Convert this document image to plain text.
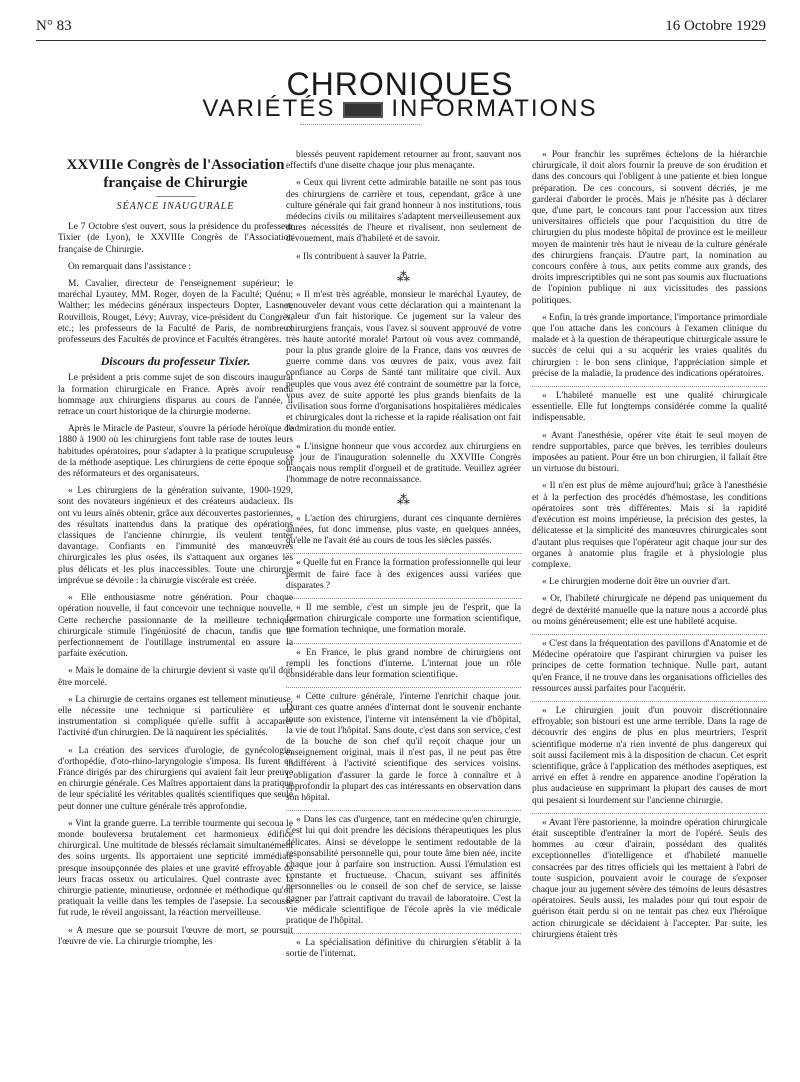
N° 83	16 Octobre 1929
CHRONIQUES
VARIÉTÉS INFORMATIONS
XXVIIIe Congrès de l'Association française de Chirurgie
SÉANCE INAUGURALE

Le 7 Octobre s'est ouvert, sous la présidence du professeur Tixier (de Lyon), le XXVIIIe Congrès de l'Association française de Chirurgie.

On remarquait dans l'assistance :

M. Cavalier, directeur de l'enseignement supérieur; le maréchal Lyautey, MM. Roger, doyen de la Faculté; Quénu; Walther; les médecins généraux inspecteurs Dopter, Lasnet, Rouvillois, Rouget, Lévy; Auvray, vice-président du Congrès, etc.; les professeurs de la Faculté de Paris, de nombreux professeurs des Facultés de province et Facultés étrangères.

Discours du professeur Tixier.

Le président a pris comme sujet de son discours inaugural la formation chirurgicale en France. Après avoir rendu hommage aux chirurgiens disparus au cours de l'année, il retrace un court historique de la chirurgie moderne.

Après le Miracle de Pasteur, s'ouvre la période héroïque de 1880 à 1900 où les chirurgiens font table rase de toutes leurs habitudes opératoires, pour s'adapter à la pratique scrupuleuse de la méthode aseptique. Les chirurgiens de cette époque sont des réformateurs et des organisateurs.

« Les chirurgiens de la génération suivante, 1900-1929, sont des novateurs ingénieux et des créateurs audacieux. Ils ont vu leurs aînés obtenir, grâce aux découvertes pastoriennes, des résultats inattendus dans la pratique des opérations classiques de l'ancienne chirurgie, ils veulent tenter davantage. Confiants en l'immunité des manœuvres chirurgicales les plus osées, ils s'attaquent aux organes les plus délicats et les plus inaccessibles. Toute une chirurgie imprévue se dévoile : la chirurgie viscérale est créée.

« Elle enthousiasme notre génération. Pour chaque opération nouvelle, il faut concevoir une technique nouvelle. Cette recherche passionnante de la meilleure technique chirurgicale stimule l'ingéniosité de chacun, tandis que le perfectionnement de l'outillage instrumental en assure la parfaite exécution.

« Mais le domaine de la chirurgie devient si vaste qu'il doit être morcelé.

« La chirurgie de certains organes est tellement minutieuse, elle nécessite une technique si particulière et une instrumentation si compliquée qu'elle suffit à accaparer l'activité d'un chirurgien. De là naquirent les spécialités.

« La création des services d'urologie, de gynécologie, d'orthopédie, d'oto-rhino-laryngologie s'imposa. Ils furent en France dirigés par des chirurgiens qui avaient fait leur preuve en chirurgie générale. Ces Maîtres apportaient dans la pratique de leur spécialité les véritables qualités scientifiques que seule peut donner une culture générale très approfondie.

« Vint la grande guerre. La terrible tourmente qui secoua le monde bouleversa brutalement cet harmonieux édifice chirurgical. Une multitude de blessés réclamait simultanément des soins urgents. Ils apportaient une septicité immédiate presque insoupçonnée des plaies et une gravité effroyable de leurs fracas osseux ou articulaires. Quel contraste avec la chirurgie patiente, minutieuse, ordonnée et méthodique qu'on pratiquait la veille dans les temples de l'asepsie. La secousse fut rude, le réveil angoissant, la réaction merveilleuse.

« A mesure que se poursuit l'œuvre de mort, se poursuit l'œuvre de vie. La chirurgie triomphe, les

blessés peuvent rapidement retourner au front, sauvant nos effectifs d'une disette chaque jour plus menaçante.

« Ceux qui livrent cette admirable bataille ne sont pas tous des chirurgiens de carrière et tous, cependant, grâce à une culture générale qui fait grand honneur à nos institutions, tous médecins civils ou militaires s'adaptent merveilleusement aux dures nécessités de l'heure et rivalisent, non seulement de dévouement, mais d'habileté et de savoir.

« Ils contribuent à sauver la Patrie.

⁂

« Il m'est très agréable, monsieur le maréchal Lyautey, de renouveler devant vous cette déclaration qui a maintenant la valeur d'un fait historique. Ce jugement sur la valeur des chirurgiens français, vous l'avez si souvent approuvé de votre très haute autorité morale! Partout où vous avez commandé, pour la plus grande gloire de la France, dans vos œuvres de guerre comme dans vos œuvres de paix, vous avez fait confiance au Corps de Santé tant militaire que civil. Aux peuples que vous avez été contraint de soumettre par la force, vous avez de suite apporté les plus grands bienfaits de la civilisation sous forme d'organisations hospitalières médicales et chirurgicales dont la richesse et la rapide réalisation ont fait l'admiration du monde entier.

« L'insigne honneur que vous accordez aux chirurgiens en ce jour de l'inauguration solennelle du XXVIIIe Congrès français nous remplit d'orgueil et de gratitude. Veuillez agréer l'hommage de notre reconnaissance.

⁂

« L'action des chirurgiens, durant ces cinquante dernières années, fut donc immense, plus vaste, en quelques années, qu'elle ne l'avait été au cours de tous les siècles passés.

« Quelle fut en France la formation professionnelle qui leur permit de faire face à des exigences aussi variées que disparates ?

« Il me semble, c'est un simple jeu de l'esprit, que la formation chirurgicale comporte une formation scientifique, une formation technique, une formation morale.

« En France, le plus grand nombre de chirurgiens ont rempli les fonctions d'interne. L'internat joue un rôle considérable dans leur formation scientifique.

« Cette culture générale, l'interne l'enrichit chaque jour. Durant ces quatre années d'internat dont le souvenir enchante toute son existence, l'interne vit intensément la vie d'hôpital, la vie de tout l'hôpital. Sans doute, c'est dans son service, c'est de la bouche de son chef qu'il reçoit chaque jour un enseignement original, mais il n'est pas, il ne peut pas être indifférent à l'activité scientifique des services voisins. L'obligation d'assurer la garde le force à connaître et à approfondir la plupart des cas intéressants en observation dans son hôpital.

« Dans les cas d'urgence, tant en médecine qu'en chirurgie, c'est lui qui doit prendre les décisions thérapeutiques les plus délicates. Ainsi se développe le sentiment redoutable de la responsabilité personnelle qui, pour toute âme bien née, incite chaque jour à parfaire son instruction. Aussi l'émulation est constante et fructueuse. Chacun, suivant ses affinités personnelles ou le conseil de son chef de service, se laisse gagner par l'attrait captivant du travail de laboratoire. C'est la vie médicale scientifique de l'école après la vie médicale pratique de l'hôpital.

« La spécialisation définitive du chirurgien s'établit à la sortie de l'internat.

« Pour franchir les suprêmes échelons de la hiérarchie chirurgicale, il doit alors fournir la preuve de son érudition et dans des concours qui l'obligent à une patiente et bien longue préparation. De ces concours, si souvent décriés, je me garderai d'aborder le procès. Mais je n'hésite pas à déclarer que, d'une part, le concours tant pour l'accession aux titres universitaires officiels que pour l'acquisition du titre de chirurgien du plus modeste hôpital de province est le meilleur moyen de maintenir très haut le niveau de la culture générale des chirurgiens français. D'autre part, la nomination au concours confère à tous, aux petits comme aux grands, des droits imprescriptibles qui ne sont pas soumis aux fluctuations de l'opinion publique ni aux vicissitudes des passions politiques.

« Enfin, la très grande importance, l'importance primordiale que l'on attache dans les concours à l'examen clinique du malade et à la question de thérapeutique chirurgicale assure le succès de celui qui a su acquérir les vraies qualités du chirurgien : le bon sens clinique, l'appréciation simple et précise de la maladie, la prudence des indications opératoires.

« L'habileté manuelle est une qualité chirurgicale essentielle. Elle fut longtemps considérée comme la qualité indispensable.

« Avant l'anesthésie, opérer vite était le seul moyen de rendre supportables, parce que brèves, les terribles douleurs imposées au patient. Pour être un bon chirurgien, il fallait être un virtuose du bistouri.

« Il n'en est plus de même aujourd'hui; grâce à l'anesthésie et à la perfection des procédés d'hémostase, les conditions opératoires sont très différentes. Mais si la rapidité d'exécution est moins impérieuse, la précision des gestes, la délicatesse et la simplicité des manœuvres chirurgicales sont d'autant plus requises que l'opérateur agit chaque jour sur des organes à anatomie plus fragile et à physiologie plus complexe.

« Le chirurgien moderne doit être un ouvrier d'art.

« Or, l'habileté chirurgicale ne dépend pas uniquement du degré de dextérité manuelle que la nature nous a accordé plus ou moins généreusement; elle est une habileté acquise.

« C'est dans la fréquentation des pavillons d'Anatomie et de Médecine opératoire que l'aspirant chirurgien va puiser les principes de cette formation technique. Nulle part, autant qu'en France, il ne trouve dans les organisations officielles des ressources aussi parfaites pour l'acquérir.

« Le chirurgien jouit d'un pouvoir discrétionnaire effroyable; son bistouri est une arme terrible. Dans la rage de découvrir des engins de plus en plus meurtriers, l'esprit scientifique moderne n'a rien inventé de plus dangereux qui soit aussi facilement mis à la disposition de chacun. Cet esprit scientifique, grâce à l'application des méthodes aseptiques, est arrivé en effet à rendre en apparence anodine l'opération la plus audacieuse en supprimant la plupart des causes de mort qui pesaient si lourdement sur l'ancienne chirurgie.

« Avant l'ère pastorienne, la moindre opération chirurgicale était susceptible d'entraîner la mort de l'opéré. Seuls des hommes au cœur d'airain, possédant des qualités exceptionnelles d'intelligence et d'habileté manuelle consacrées par des titres officiels qui les mettaient à l'abri de toute suspicion, pouvaient avoir le courage de s'exposer chaque jour au jugement sévère des témoins de leurs désastres opératoires. Seuls aussi, les malades pour qui tout espoir de guérison était perdu si on ne tentait pas chez eux l'héroïque action chirurgicale se décidaient à l'accepter. Par suite, les chirurgiens étaient très
